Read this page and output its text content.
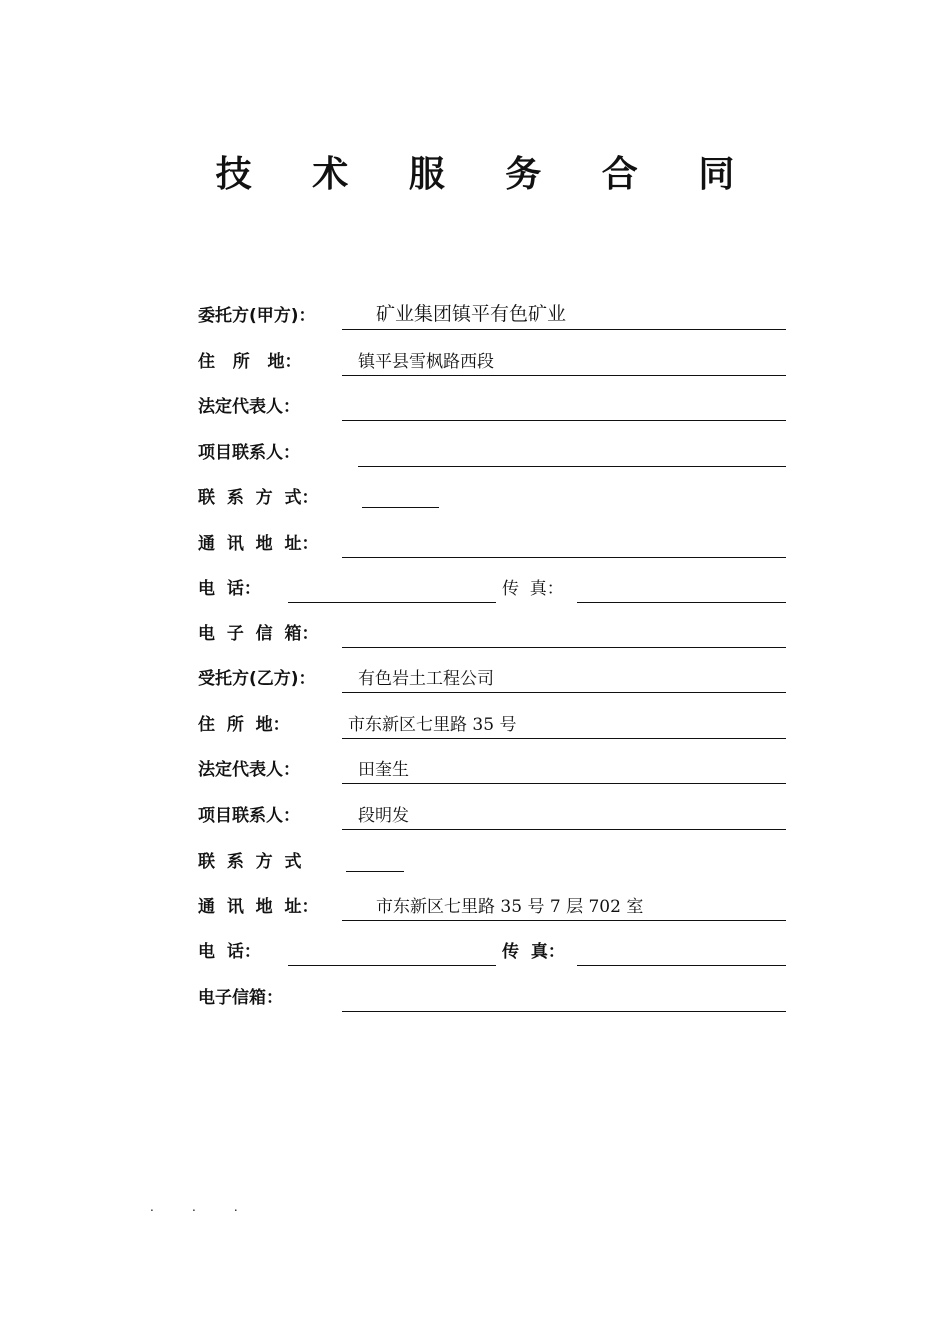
技 术 服 务 合 同
委托方(甲方)：	矿业集团镇平有色矿业
住   所   地：	镇平县雪枫路西段
法定代表人：
项目联系人：
联  系  方  式：
通  讯  地  址：
电  话：	传  真：
电  子  信  箱：
受托方(乙方)： 有色岩土工程公司
住  所  地：	市东新区七里路 35 号
法定代表人：	田奎生
项目联系人：	段明发
联  系  方  式
通  讯  地  址：	市东新区七里路 35 号 7 层 702 室
电  话：	传  真：
电子信箱：
.          .          .
